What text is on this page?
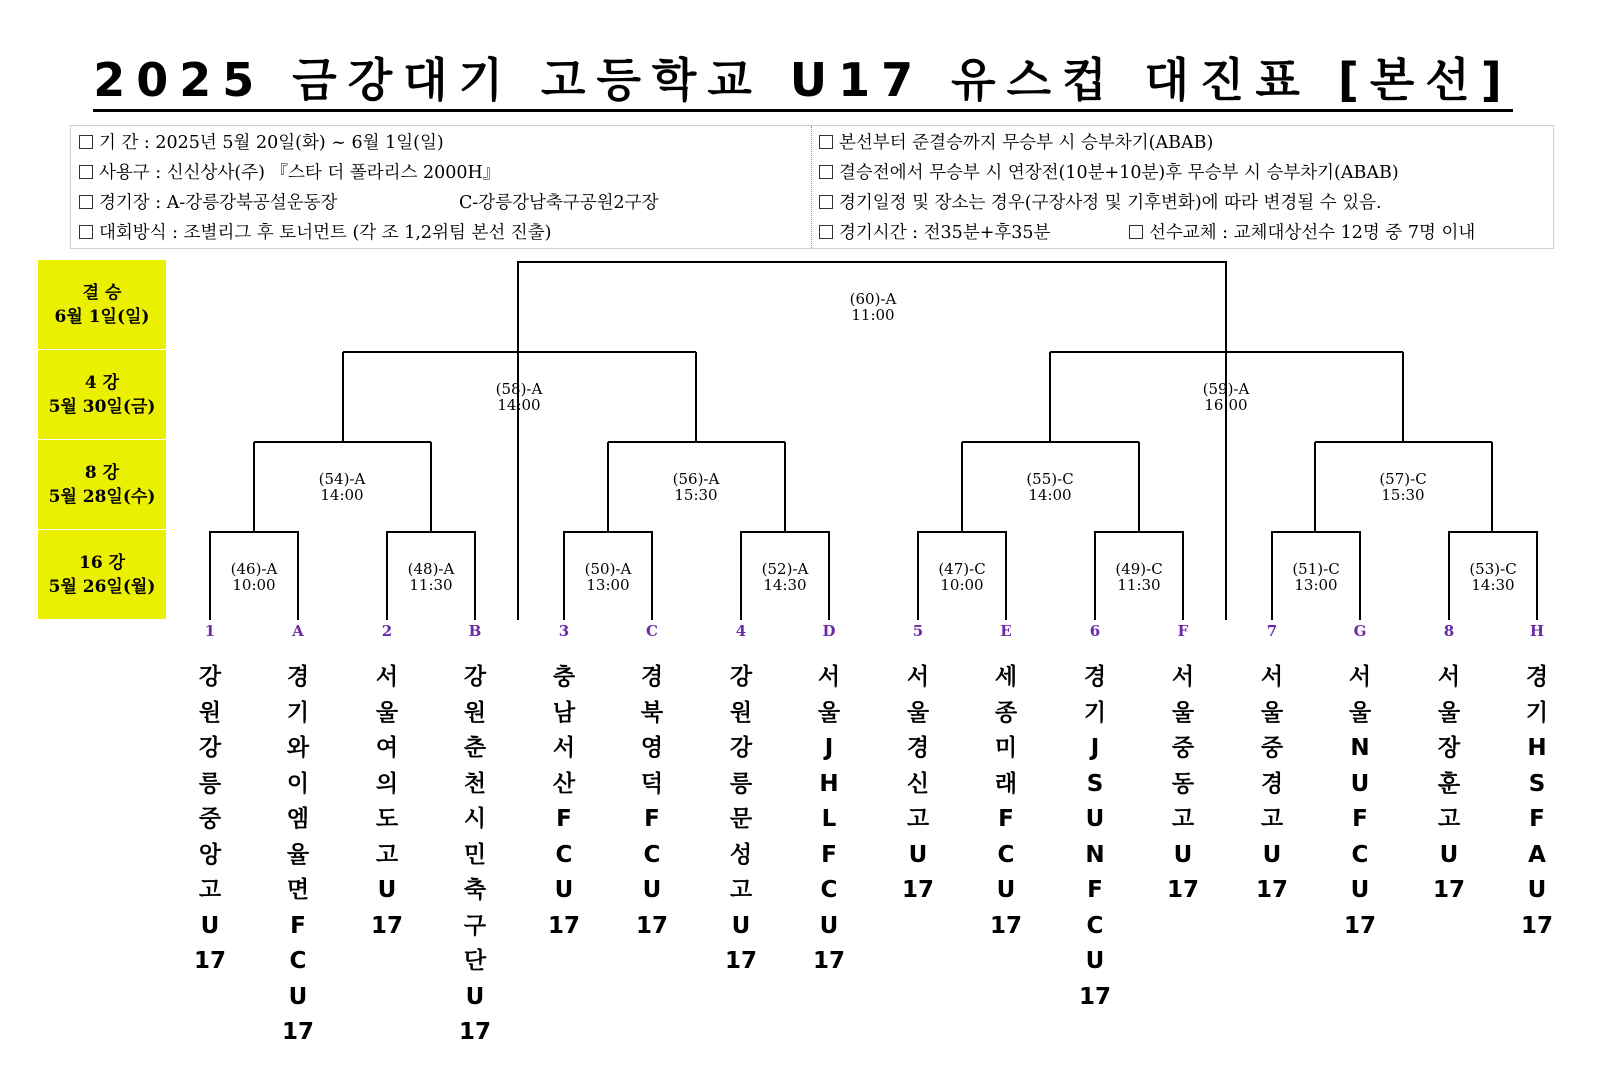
2025 금강대기 고등학교 U17 유스컵 대진표 [본선]
기 간 : 2025년 5월 20일(화) ~ 6월 1일(일)
사용구 : 신신상사(주) 『스타 더 폴라리스 2000H』
경기장 : A-강릉강북공설운동장	C-강릉강남축구공원2구장
대회방식 : 조별리그 후 토너먼트 (각 조 1,2위팀 본선 진출)
본선부터 준결승까지 무승부 시 승부차기(ABAB)
결승전에서 무승부 시 연장전(10분+10분)후 무승부 시 승부차기(ABAB)
경기일정 및 장소는 경우(구장사정 및 기후변화)에 따라 변경될 수 있음.
경기시간 : 전35분+후35분	선수교체 : 교체대상선수 12명 중 7명 이내
결 승
6월 1일(일)
4 강
5월 30일(금)
8 강
5월 28일(수)
16 강
5월 26일(월)
(60)-A
11:00
(58)-A
14:00
(59)-A
16:00
(54)-A
14:00
(56)-A
15:30
(55)-C
14:00
(57)-C
15:30
(46)-A
10:00
(48)-A
11:30
(50)-A
13:00
(52)-A
14:30
(47)-C
10:00
(49)-C
11:30
(51)-C
13:00
(53)-C
14:30
1
강
원
강
릉
중
앙
고
U
17
A
경
기
와
이
엠
율
면
F
C
U
17
2
서
울
여
의
도
고
U
17
B
강
원
춘
천
시
민
축
구
단
U
17
3
충
남
서
산
F
C
U
17
C
경
북
영
덕
F
C
U
17
4
강
원
강
릉
문
성
고
U
17
D
서
울
J
H
L
F
C
U
17
5
서
울
경
신
고
U
17
E
세
종
미
래
F
C
U
17
6
경
기
J
S
U
N
F
C
U
17
F
서
울
중
동
고
U
17
7
서
울
중
경
고
U
17
G
서
울
N
U
F
C
U
17
8
서
울
장
훈
고
U
17
H
경
기
H
S
F
A
U
17
